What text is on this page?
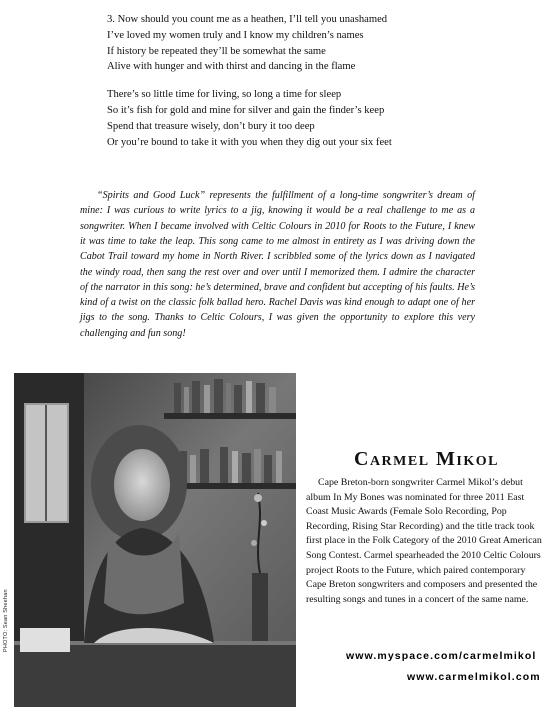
3. Now should you count me as a heathen, I’ll tell you unashamed
I’ve loved my women truly and I know my children’s names
If history be repeated they’ll be somewhat the same
Alive with hunger and with thirst and dancing in the flame
There’s so little time for living, so long a time for sleep
So it’s fish for gold and mine for silver and gain the finder’s keep
Spend that treasure wisely, don’t bury it too deep
Or you’re bound to take it with you when they dig out your six feet

“Spirits and Good Luck” represents the fulfillment of a long-time songwriter’s dream of mine: I was curious to write lyrics to a jig, knowing it would be a real challenge to me as a songwriter. When I became involved with Celtic Colours in 2010 for Roots to the Future, I knew it was time to take the leap. This song came to me almost in entirety as I was driving down the Cabot Trail toward my home in North River. I scribbled some of the lyrics down as I navigated the windy road, then sang the rest over and over until I memorized them. I admire the character of the narrator in this song: he’s determined, brave and confident but accepting of his faults. He’s kind of a twist on the classic folk ballad hero. Rachel Davis was kind enough to adapt one of her jigs to the song. Thanks to Celtic Colours, I was given the opportunity to explore this very challenging and fun song!

PHOTO: Sean Sheehan
Carmel Mikol

Cape Breton-born songwriter Carmel Mikol’s debut album In My Bones was nominated for three 2011 East Coast Music Awards (Female Solo Recording, Pop Recording, Rising Star Recording) and the title track took first place in the Folk Category of the 2010 Great American Song Contest. Carmel spearheaded the 2010 Celtic Colours project Roots to the Future, which paired contemporary Cape Breton songwriters and composers and presented the resulting songs and tunes in a concert of the same name.

www.myspace.com/carmelmikol
www.carmelmikol.com
